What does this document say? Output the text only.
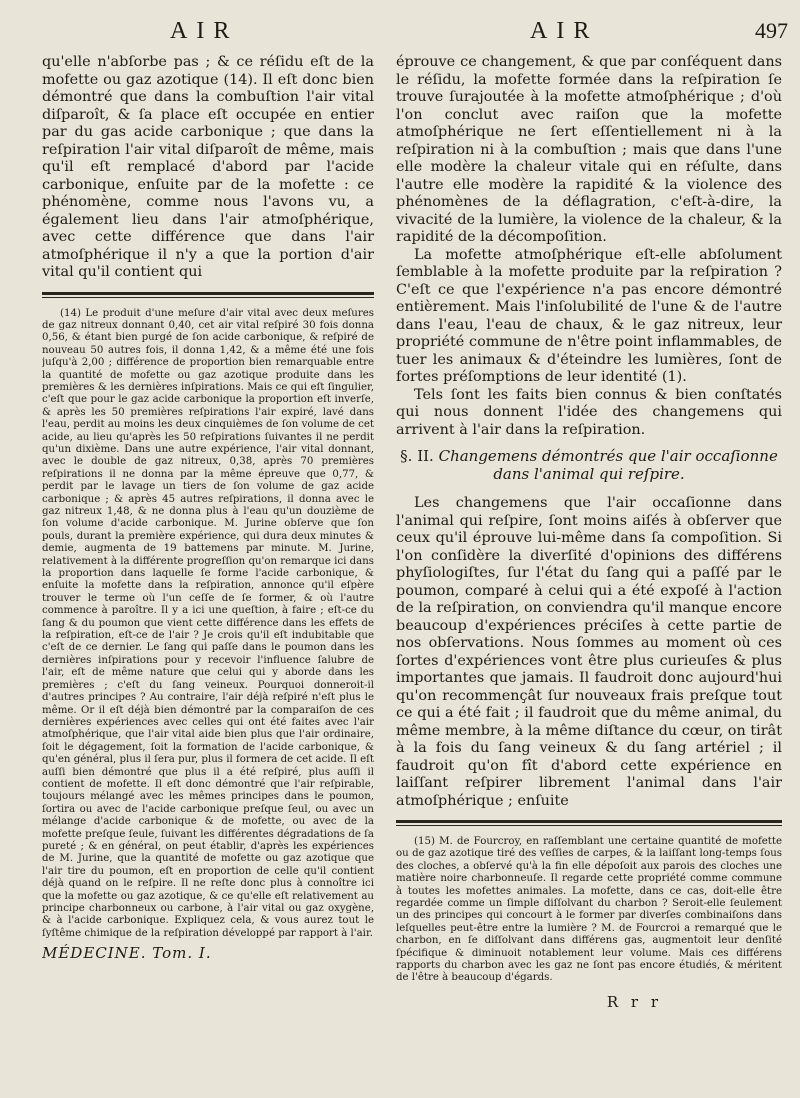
AIR	AIR	497

qu'elle n'abſorbe pas ; & ce réſidu eſt de la mofette ou gaz azotique (14). Il eſt donc bien démontré que dans la combuſtion l'air vital diſparoît, & ſa place eſt occupée en entier par du gas acide carbonique ; que dans la reſpiration l'air vital diſparoît de même, mais qu'il eſt remplacé d'abord par l'acide carbonique, enſuite par de la mofette : ce phénomène, comme nous l'avons vu, a également lieu dans l'air atmoſphérique, avec cette différence que dans l'air atmoſphérique il n'y a que la portion d'air vital qu'il contient qui

(14) Le produit d'une meſure d'air vital avec deux meſures de gaz nitreux donnant 0,40, cet air vital reſpiré 30 fois donna 0,56, & étant bien purgé de ſon acide carbonique, & reſpiré de nouveau 50 autres fois, il donna 1,42, & a même été une fois juſqu'à 2,00 ; différence de proportion bien remarquable entre la quantité de mofette ou gaz azotique produite dans les premières & les dernières inſpirations. Mais ce qui eſt ſingulier, c'eſt que pour le gaz acide carbonique la proportion eſt inverſe, & après les 50 premières reſpirations l'air expiré, lavé dans l'eau, perdit au moins les deux cinquièmes de ſon volume de cet acide, au lieu qu'après les 50 reſpirations ſuivantes il ne perdit qu'un dixième. Dans une autre expérience, l'air vital donnant, avec le double de gaz nitreux, 0,38, après 70 premières reſpirations il ne donna par la même épreuve que 0,77, & perdit par le lavage un tiers de ſon volume de gaz acide carbonique ; & après 45 autres reſpirations, il donna avec le gaz nitreux 1,48, & ne donna plus à l'eau qu'un douzième de ſon volume d'acide carbonique. M. Jurine obſerve que ſon pouls, durant la première expérience, qui dura deux minutes & demie, augmenta de 19 battemens par minute. M. Jurine, relativement à la différente progreſſion qu'on remarque ici dans la proportion dans laquelle ſe forme l'acide carbonique, & enſuite la mofette dans la reſpiration, annonce qu'il eſpère trouver le terme où l'un ceſſe de ſe former, & où l'autre commence à paroître. Il y a ici une queſtion, à faire ; eſt-ce du ſang & du poumon que vient cette différence dans les effets de la reſpiration, eſt-ce de l'air ? Je crois qu'il eſt indubitable que c'eſt de ce dernier. Le ſang qui paſſe dans le poumon dans les dernières inſpirations pour y recevoir l'influence ſalubre de l'air, eſt de même nature que celui qui y aborde dans les premières ; c'eſt du ſang veineux. Pourquoi donneroit-il d'autres principes ? Au contraire, l'air déjà reſpiré n'eſt plus le même. Or il eſt déjà bien démontré par la comparaiſon de ces dernières expériences avec celles qui ont été faites avec l'air atmoſphérique, que l'air vital aide bien plus que l'air ordinaire, ſoit le dégagement, ſoit la formation de l'acide carbonique, & qu'en général, plus il ſera pur, plus il formera de cet acide. Il eſt auſſi bien démontré que plus il a été reſpiré, plus auſſi il contient de mofette. Il eſt donc démontré que l'air reſpirable, toujours mélangé avec les mêmes principes dans le poumon, ſortira ou avec de l'acide carbonique preſque ſeul, ou avec un mélange d'acide carbonique & de mofette, ou avec de la mofette preſque ſeule, ſuivant les différentes dégradations de ſa pureté ; & en général, on peut établir, d'après les expériences de M. Jurine, que la quantité de mofette ou gaz azotique que l'air tire du poumon, eſt en proportion de celle qu'il contient déjà quand on le reſpire. Il ne reſte donc plus à connoître ici que la mofette ou gaz azotique, & ce qu'elle eſt relativement au principe charbonneux ou carbone, à l'air vital ou gaz oxygène, & à l'acide carbonique. Expliquez cela, & vous aurez tout le ſyſtême chimique de la reſpiration développé par rapport à l'air.

MÉDECINE. Tom. I.

éprouve ce changement, & que par conſéquent dans le réſidu, la mofette formée dans la reſpiration ſe trouve ſurajoutée à la mofette atmoſphérique ; d'où l'on conclut avec raiſon que la mofette atmoſphérique ne ſert eſſentiellement ni à la reſpiration ni à la combuſtion ; mais que dans l'une elle modère la chaleur vitale qui en réſulte, dans l'autre elle modère la rapidité & la violence des phénomènes de la déflagration, c'eſt-à-dire, la vivacité de la lumière, la violence de la chaleur, & la rapidité de la décompoſition.

La mofette atmoſphérique eſt-elle abſolument ſemblable à la mofette produite par la reſpiration ? C'eſt ce que l'expérience n'a pas encore démontré entièrement. Mais l'inſolubilité de l'une & de l'autre dans l'eau, l'eau de chaux, & le gaz nitreux, leur propriété commune de n'être point inflammables, de tuer les animaux & d'éteindre les lumières, ſont de fortes préſomptions de leur identité (1).

Tels ſont les faits bien connus & bien conſtatés qui nous donnent l'idée des changemens qui arrivent à l'air dans la reſpiration.

§. II. Changemens démontrés que l'air occaſionne dans l'animal qui reſpire.

Les changemens que l'air occaſionne dans l'animal qui reſpire, ſont moins aiſés à obſerver que ceux qu'il éprouve lui-même dans ſa compoſition. Si l'on conſidère la diverſité d'opinions des différens phyſiologiſtes, ſur l'état du ſang qui a paſſé par le poumon, comparé à celui qui a été expoſé à l'action de la reſpiration, on conviendra qu'il manque encore beaucoup d'expériences préciſes à cette partie de nos obſervations. Nous ſommes au moment où ces ſortes d'expériences vont être plus curieuſes & plus importantes que jamais. Il faudroit donc aujourd'hui qu'on recommençât ſur nouveaux frais preſque tout ce qui a été fait ; il faudroit que du même animal, du même membre, à la même diſtance du cœur, on tirât à la fois du ſang veineux & du ſang artériel ; il faudroit qu'on fît d'abord cette expérience en laiſſant reſpirer librement l'animal dans l'air atmoſphérique ; enſuite

(15) M. de Fourcroy, en raſſemblant une certaine quantité de mofette ou de gaz azotique tiré des veſſies de carpes, & la laiſſant long-temps ſous des cloches, a obſervé qu'à la fin elle dépoſoit aux parois des cloches une matière noire charbonneuſe. Il regarde cette propriété comme commune à toutes les mofettes animales. La mofette, dans ce cas, doit-elle être regardée comme un ſimple diſſolvant du charbon ? Seroit-elle ſeulement un des principes qui concourt à le former par diverſes combinaiſons dans leſquelles peut-être entre la lumière ? M. de Fourcroi a remarqué que le charbon, en ſe diſſolvant dans différens gas, augmentoit leur denſité ſpécifique & diminuoit notablement leur volume. Mais ces différens rapports du charbon avec les gaz ne ſont pas encore étudiés, & méritent de l'être à beaucoup d'égards.

R r r
